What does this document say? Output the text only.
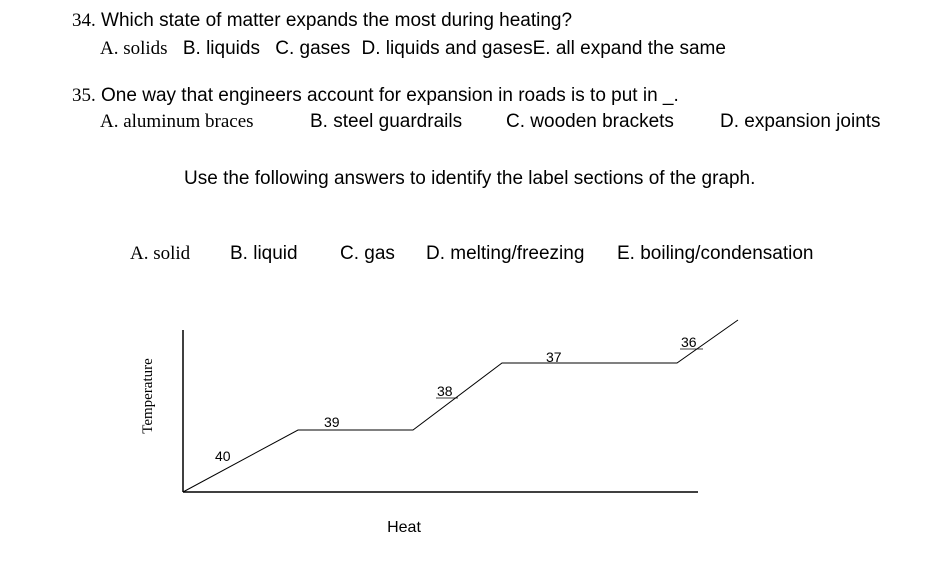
34. Which state of matter expands the most during heating?
A. solids B. liquids C. gases D. liquids and gasesE. all expand the same
35. One way that engineers account for expansion in roads is to put in _.
A. aluminum braces	B. steel guardrails C. wooden brackets D. expansion joints
Use the following answers to identify the label sections of the graph.
A. solid B. liquid C. gas D. melting/freezing E. boiling/condensation
Temperature
Heat
40
39
38
37
36
